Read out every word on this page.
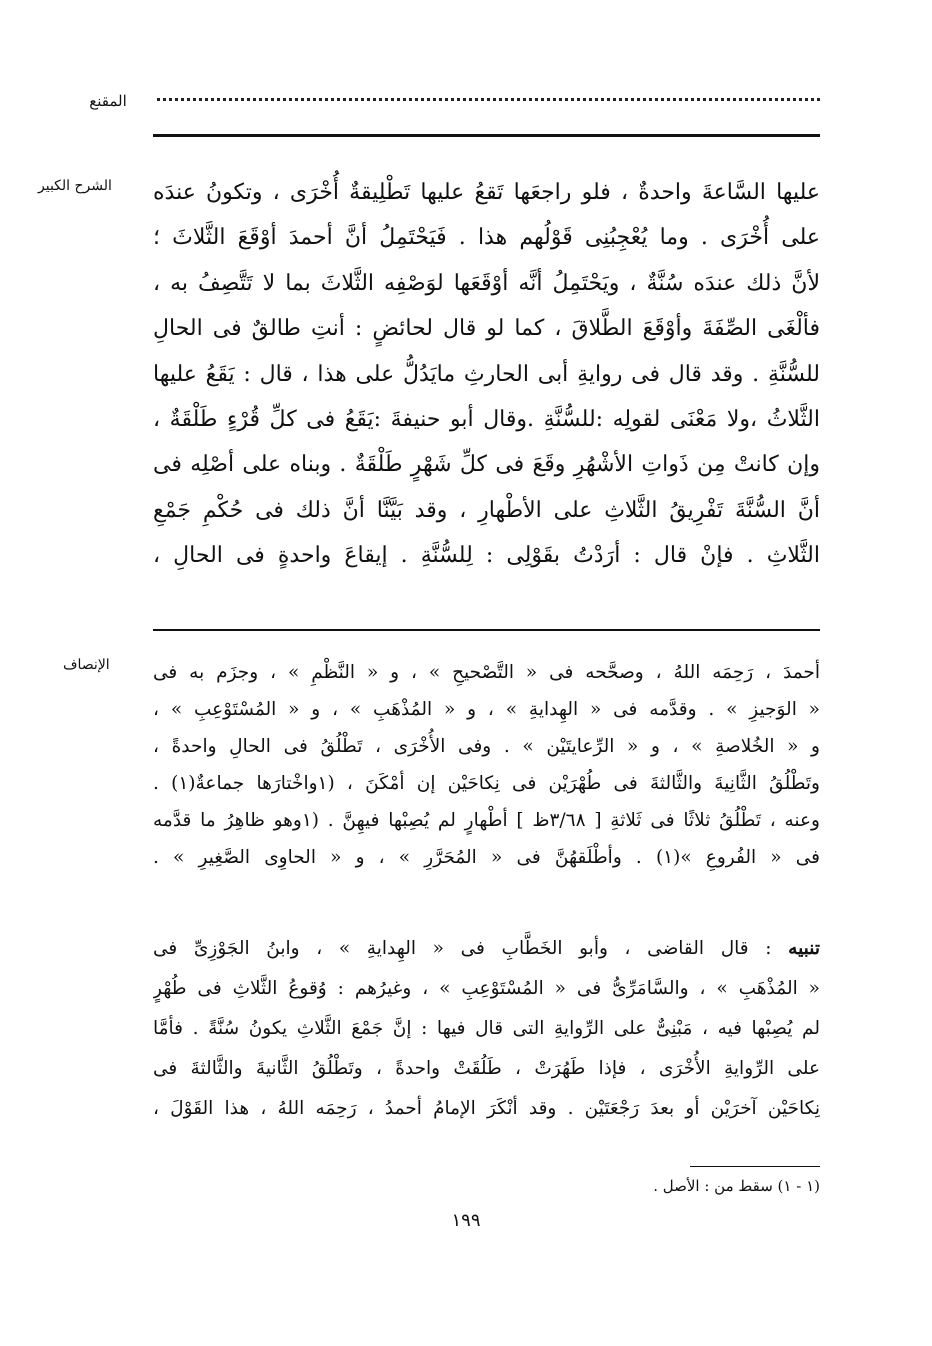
المقنع
الشرح الكبير عليها السَّاعةَ واحدةٌ ، فلو راجعَها تَقعُ عليها تَطْلِيقةٌ أُخْرَى ، وتكونُ عندَه
على أُخْرَى . وما يُعْجِبُنِى قَوْلُهم هذا . فَيَحْتَمِلُ أنَّ أحمدَ أوْقَعَ الثَّلاثَ ؛
لأنَّ ذلك عندَه سُنَّةٌ ، ويَحْتَمِلُ أنَّه أوْقَعَها لوَصْفِه الثَّلاثَ بما لا تَتَّصِفُ به ،
فألْغَى الصِّفَةَ وأوْقَعَ الطَّلاقَ ، كما لو قال لحائضٍ : أنتِ طالقٌ فى الحالِ
للسُّنَّةِ . وقد قال فى روايةِ أبى الحارثِ مايَدُلُّ على هذا ، قال : يَقَعُ عليها
الثَّلاثُ ،ولا مَعْنَى لقولِه :للسُّنَّةِ .وقال أبو حنيفةَ :يَقَعُ فى كلِّ قُرْءٍ طَلْقَةٌ ،
وإن كانتْ مِن ذَواتِ الأشْهُرِ وقَعَ فى كلِّ شَهْرٍ طَلْقَةٌ . وبناه على أصْلِه فى
أنَّ السُّنَّةَ تَفْرِيقُ الثَّلاثِ على الأطْهارِ ، وقد بَيَّنَّا أنَّ ذلك فى حُكْمِ جَمْعِ
الثَّلاثِ . فإنْ قال : أرَدْتُ بقَوْلِى : لِلسُّنَّةِ . إيقاعَ واحدةٍ فى الحالِ ،
الإنصاف أحمدَ ، رَحِمَه اللهُ ، وصحَّحه فى « التَّصْحيحِ » ، و « النَّظْمِ » ، وجزَم به فى
« الوَجيزِ » . وقدَّمه فى « الهِدايةِ » ، و « المُذْهَبِ » ، و « المُسْتَوْعِبِ » ،
و « الخُلاصةِ » ، و « الرِّعايتَيْن » . وفى الأُخْرَى ، تَطْلُقُ فى الحالِ واحدةً ،
وتَطْلُقُ الثَّانِيةَ والثَّالثةَ فى طُهْرَيْن فى نِكاحَيْن إن أمْكَنَ ، (١واخْتارَها جماعةٌ(١) .
وعنه ، تَطْلُقُ ثلاثًا فى ثَلاثةِ [ ٣/٦٨ظ ] أطْهارٍ لم يُصِبْها فيهِنَّ . (١وهو ظاهِرُ ما قدَّمه
فى « الفُروعِ »(١) . وأطْلَقهُنَّ فى « المُحَرَّرِ » ، و « الحاوِى الصَّغِيرِ » .
تنبيه : قال القاضى ، وأبو الخَطَّابِ فى « الهِدايةِ » ، وابنُ الجَوْزِىِّ فى
« المُذْهَبِ » ، والسَّامَرِّىُّ فى « المُسْتَوْعِبِ » ، وغيرُهم : وُقوعُ الثَّلاثِ فى طُهْرٍ
لم يُصِبْها فيه ، مَبْنِىٌّ على الرِّوايةِ التى قال فيها : إنَّ جَمْعَ الثَّلاثِ يكونُ سُنَّةً . فأمَّا
على الرِّوايةِ الأُخْرَى ، فإذا طَهُرَتْ ، طَلُقَتْ واحدةً ، وتَطْلُقُ الثَّانيةَ والثَّالثةَ فى
نِكاحَيْن آخرَيْن أو بعدَ رَجْعَتَيْن . وقد أنْكَرَ الإمامُ أحمدُ ، رَحِمَه اللهُ ، هذا القَوْلَ ،
(١ - ١) سقط من : الأصل .
١٩٩
